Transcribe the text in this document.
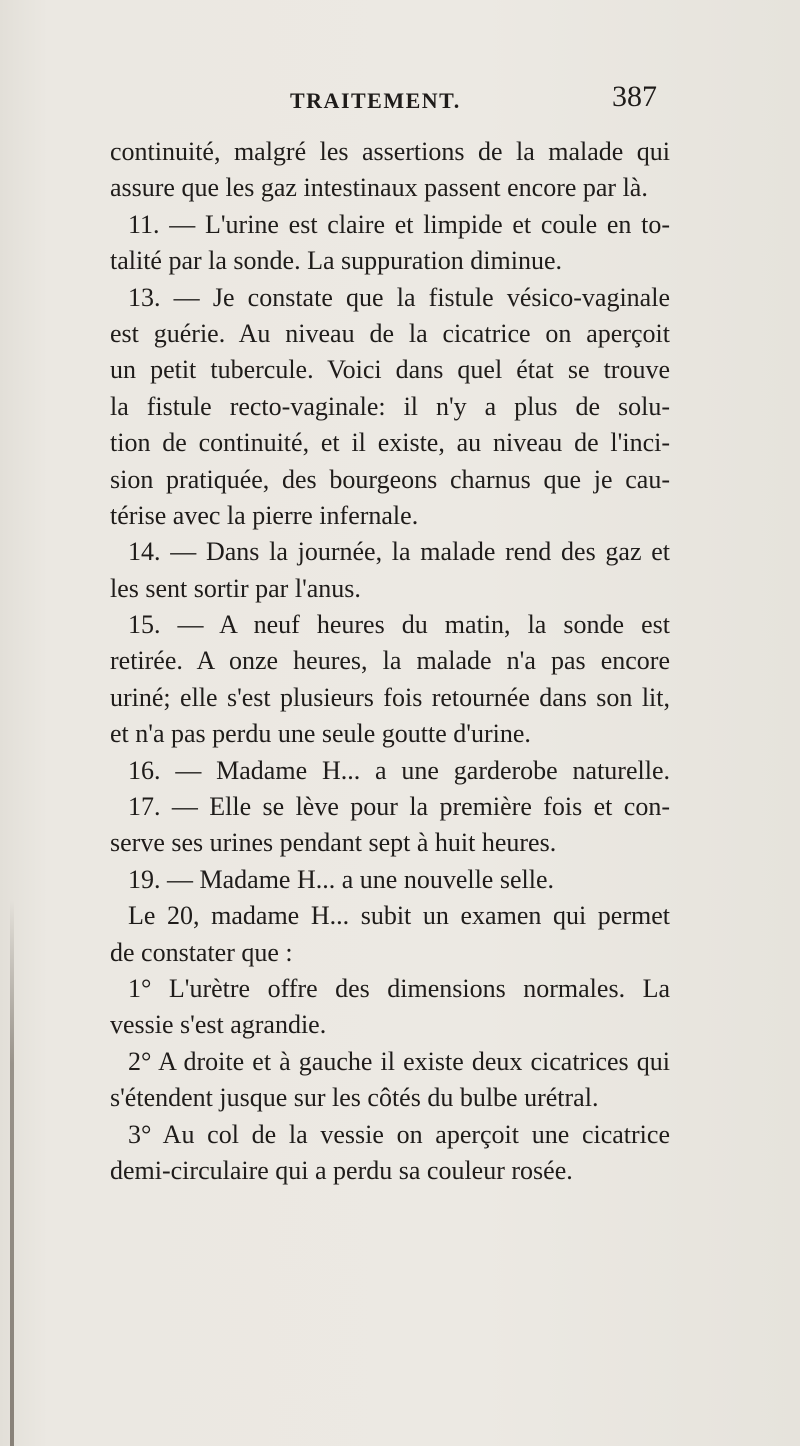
TRAITEMENT.	387
continuité, malgré les assertions de la malade qui
assure que les gaz intestinaux passent encore par là.
11. — L'urine est claire et limpide et coule en to-
talité par la sonde. La suppuration diminue.
13. — Je constate que la fistule vésico-vaginale
est guérie. Au niveau de la cicatrice on aperçoit
un petit tubercule. Voici dans quel état se trouve
la fistule recto-vaginale: il n'y a plus de solu-
tion de continuité, et il existe, au niveau de l'inci-
sion pratiquée, des bourgeons charnus que je cau-
térise avec la pierre infernale.
14. — Dans la journée, la malade rend des gaz et
les sent sortir par l'anus.
15. — A neuf heures du matin, la sonde est
retirée. A onze heures, la malade n'a pas encore
uriné; elle s'est plusieurs fois retournée dans son lit,
et n'a pas perdu une seule goutte d'urine.
16. — Madame H... a une garderobe naturelle.
17. — Elle se lève pour la première fois et con-
serve ses urines pendant sept à huit heures.
19. — Madame H... a une nouvelle selle.
Le 20, madame H... subit un examen qui permet
de constater que :
1° L'urètre offre des dimensions normales. La
vessie s'est agrandie.
2° A droite et à gauche il existe deux cicatrices qui
s'étendent jusque sur les côtés du bulbe urétral.
3° Au col de la vessie on aperçoit une cicatrice
demi-circulaire qui a perdu sa couleur rosée.
